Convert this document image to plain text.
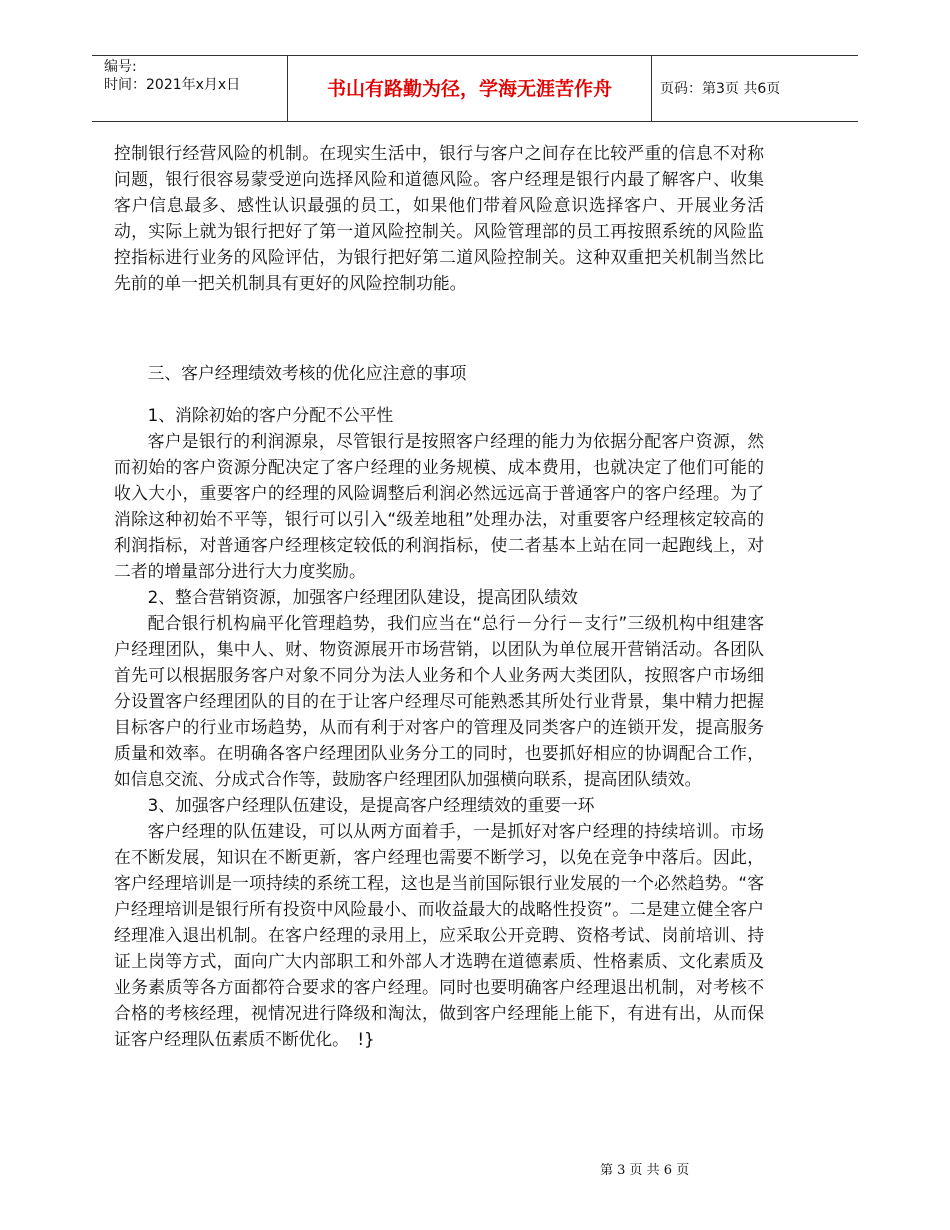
编号:
时间：2021年x月x日	书山有路勤为径，学海无涯苦作舟	页码：第3页 共6页

控制银行经营风险的机制。在现实生活中，银行与客户之间存在比较严重的信息不对称问题，银行很容易蒙受逆向选择风险和道德风险。客户经理是银行内最了解客户、收集客户信息最多、感性认识最强的员工，如果他们带着风险意识选择客户、开展业务活动，实际上就为银行把好了第一道风险控制关。风险管理部的员工再按照系统的风险监控指标进行业务的风险评估，为银行把好第二道风险控制关。这种双重把关机制当然比先前的单一把关机制具有更好的风险控制功能。

三、客户经理绩效考核的优化应注意的事项

1、消除初始的客户分配不公平性

客户是银行的利润源泉，尽管银行是按照客户经理的能力为依据分配客户资源，然而初始的客户资源分配决定了客户经理的业务规模、成本费用，也就决定了他们可能的收入大小，重要客户的经理的风险调整后利润必然远远高于普通客户的客户经理。为了消除这种初始不平等，银行可以引入“级差地租”处理办法，对重要客户经理核定较高的利润指标，对普通客户经理核定较低的利润指标，使二者基本上站在同一起跑线上，对二者的增量部分进行大力度奖励。

2、整合营销资源，加强客户经理团队建设，提高团队绩效

配合银行机构扁平化管理趋势，我们应当在“总行－分行－支行”三级机构中组建客户经理团队，集中人、财、物资源展开市场营销，以团队为单位展开营销活动。各团队首先可以根据服务客户对象不同分为法人业务和个人业务两大类团队，按照客户市场细分设置客户经理团队的目的在于让客户经理尽可能熟悉其所处行业背景，集中精力把握目标客户的行业市场趋势，从而有利于对客户的管理及同类客户的连锁开发，提高服务质量和效率。在明确各客户经理团队业务分工的同时，也要抓好相应的协调配合工作，如信息交流、分成式合作等，鼓励客户经理团队加强横向联系，提高团队绩效。

3、加强客户经理队伍建设，是提高客户经理绩效的重要一环

客户经理的队伍建设，可以从两方面着手，一是抓好对客户经理的持续培训。市场在不断发展，知识在不断更新，客户经理也需要不断学习，以免在竞争中落后。因此，客户经理培训是一项持续的系统工程，这也是当前国际银行业发展的一个必然趋势。“客户经理培训是银行所有投资中风险最小、而收益最大的战略性投资”。二是建立健全客户经理准入退出机制。在客户经理的录用上，应采取公开竞聘、资格考试、岗前培训、持证上岗等方式，面向广大内部职工和外部人才选聘在道德素质、性格素质、文化素质及业务素质等各方面都符合要求的客户经理。同时也要明确客户经理退出机制，对考核不合格的考核经理，视情况进行降级和淘汰，做到客户经理能上能下，有进有出，从而保证客户经理队伍素质不断优化。　!}

第 3 页 共 6 页
